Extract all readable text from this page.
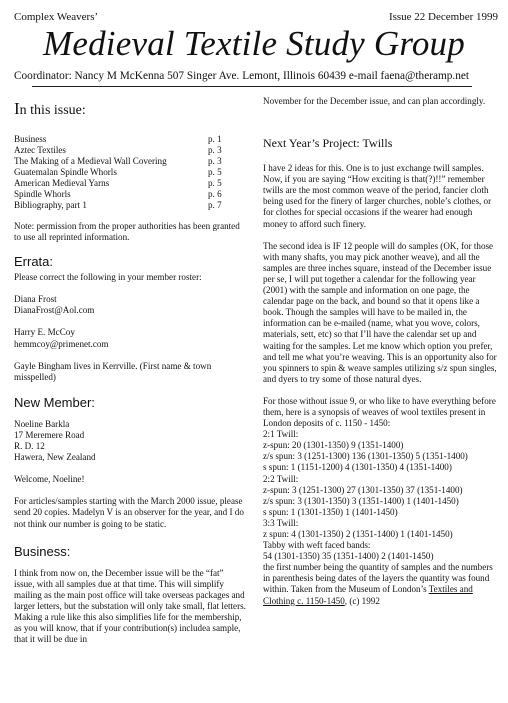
Complex Weavers’	Issue 22 December 1999
Medieval Textile Study Group
Coordinator: Nancy M McKenna 507 Singer Ave. Lemont, Illinois 60439 e-mail faena@theramp.net
In this issue:
Business	p. 1
Aztec Textiles	p. 3
The Making of a Medieval Wall Covering	p. 3
Guatemalan Spindle Whorls	p. 5
American Medieval Yarns	p. 5
Spindle Whorls	p. 6
Bibliography, part 1	p. 7

Note: permission from the proper authorities has been granted to use all reprinted information.

Errata:

Please correct the following in your member roster:

Diana Frost
DianaFrost@Aol.com

Harry E. McCoy
hemmcoy@primenet.com

Gayle Bingham lives in Kerrville. (First name & town misspelled)

New Member:

Noeline Barkla
17 Meremere Road
R. D. 12
Hawera, New Zealand

Welcome, Noeline!

For articles/samples starting with the March 2000 issue, please send 20 copies. Madelyn V is an observer for the year, and I do not think our number is going to be static.

Business:

I think from now on, the December issue will be the “fat” issue, with all samples due at that time. This will simplify mailing as the main post office will take overseas packages and larger letters, but the substation will only take small, flat letters. Making a rule like this also simplifies life for the membership, as you will know, that if your contribution(s) includea sample, that it will be due in

November for the December issue, and can plan accordingly.

Next Year’s Project: Twills

I have 2 ideas for this. One is to just exchange twill samples. Now, if you are saying “How exciting is that(?)!!” remember twills are the most common weave of the period, fancier cloth being used for the finery of larger churches, noble’s clothes, or for clothes for special occasions if the wearer had enough money to afford such finery.

The second idea is IF 12 people will do samples (OK, for those with many shafts, you may pick another weave), and all the samples are three inches square, instead of the December issue per se, I will put together a calendar for the following year (2001) with the sample and information on one page, the calendar page on the back, and bound so that it opens like a book. Though the samples will have to be mailed in, the information can be e-mailed (name, what you wove, colors, materials, sett, etc) so that I’ll have the calendar set up and waiting for the samples. Let me know which option you prefer, and tell me what you’re weaving. This is an opportunity also for you spinners to spin & weave samples utilizing s/z spun singles, and dyers to try some of those natural dyes.

For those without issue 9, or who like to have everything before them, here is a synopsis of weaves of wool textiles present in London deposits of c. 1150 - 1450:

2:1 Twill:
z-spun: 20 (1301-1350) 9 (1351-1400)
z/s spun: 3 (1251-1300) 136 (1301-1350) 5 (1351-1400)
s spun: 1 (1151-1200) 4 (1301-1350) 4 (1351-1400)
2:2 Twill:
z-spun: 3 (1251-1300) 27 (1301-1350) 37 (1351-1400)
z/s spun: 3 (1301-1350) 3 (1351-1400) 1 (1401-1450)
s spun: 1 (1301-1350) 1 (1401-1450)
3:3 Twill:
z spun: 4 (1301-1350) 2 (1351-1400) 1 (1401-1450)
Tabby with weft faced bands:
54 (1301-1350) 35 (1351-1400) 2 (1401-1450)

the first number being the quantity of samples and the numbers in parenthesis being dates of the layers the quantity was found within. Taken from the Museum of London’s Textiles and Clothing c. 1150-1450, (c) 1992
